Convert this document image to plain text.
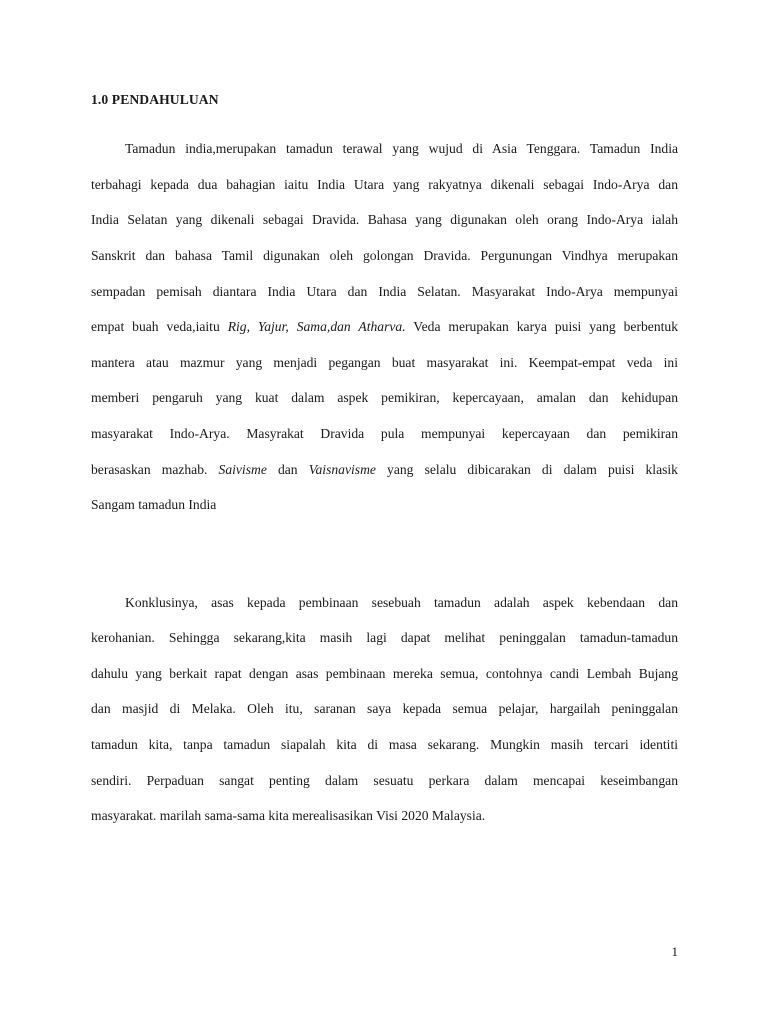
1.0 PENDAHULUAN
Tamadun india,merupakan tamadun terawal yang wujud di Asia Tenggara. Tamadun India
terbahagi kepada dua bahagian iaitu India Utara yang rakyatnya dikenali sebagai Indo-Arya dan
India Selatan yang dikenali sebagai Dravida. Bahasa yang digunakan oleh orang Indo-Arya ialah
Sanskrit dan bahasa Tamil digunakan oleh golongan Dravida. Pergunungan Vindhya merupakan
sempadan pemisah diantara India Utara dan India Selatan. Masyarakat Indo-Arya mempunyai
empat buah veda,iaitu Rig, Yajur, Sama,dan Atharva. Veda merupakan karya puisi yang berbentuk
mantera atau mazmur yang menjadi pegangan buat masyarakat ini. Keempat-empat veda ini
memberi pengaruh yang kuat dalam aspek pemikiran, kepercayaan, amalan dan kehidupan
masyarakat Indo-Arya. Masyrakat Dravida pula mempunyai kepercayaan dan pemikiran
berasaskan mazhab. Saivisme dan Vaisnavisme yang selalu dibicarakan di dalam puisi klasik
Sangam tamadun India
Konklusinya, asas kepada pembinaan sesebuah tamadun adalah aspek kebendaan dan
kerohanian. Sehingga sekarang,kita masih lagi dapat melihat peninggalan tamadun-tamadun
dahulu yang berkait rapat dengan asas pembinaan mereka semua, contohnya candi Lembah Bujang
dan masjid di Melaka. Oleh itu, saranan saya kepada semua pelajar, hargailah peninggalan
tamadun kita, tanpa tamadun siapalah kita di masa sekarang. Mungkin masih tercari identiti
sendiri. Perpaduan sangat penting dalam sesuatu perkara dalam mencapai keseimbangan
masyarakat. marilah sama-sama kita merealisasikan Visi 2020 Malaysia.
1
